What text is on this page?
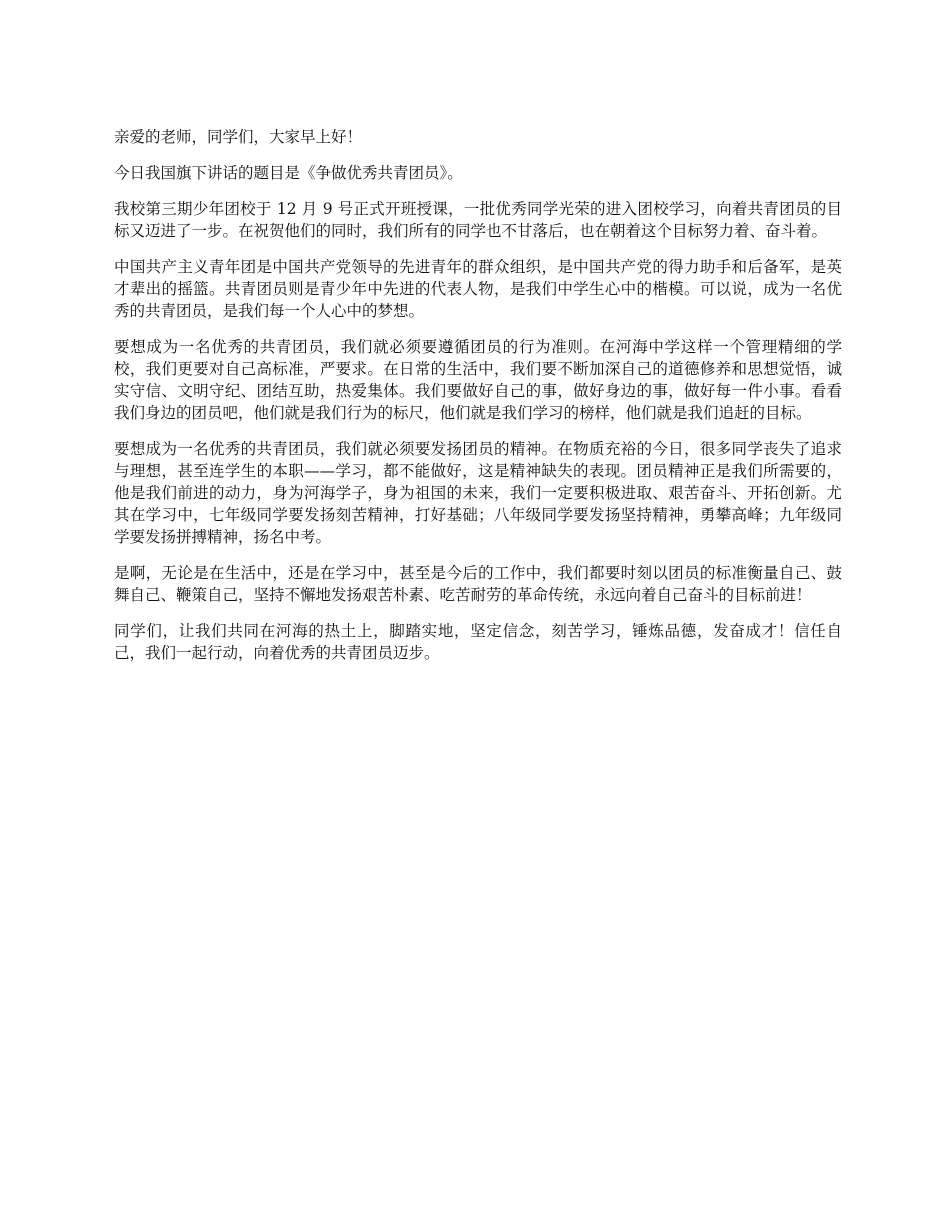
亲爱的老师，同学们，大家早上好！

今日我国旗下讲话的题目是《争做优秀共青团员》。

我校第三期少年团校于 12 月 9 号正式开班授课，一批优秀同学光荣的进入团校学习，向着共青团员的目标又迈进了一步。在祝贺他们的同时，我们所有的同学也不甘落后，也在朝着这个目标努力着、奋斗着。

中国共产主义青年团是中国共产党领导的先进青年的群众组织，是中国共产党的得力助手和后备军，是英才辈出的摇篮。共青团员则是青少年中先进的代表人物，是我们中学生心中的楷模。可以说，成为一名优秀的共青团员，是我们每一个人心中的梦想。

要想成为一名优秀的共青团员，我们就必须要遵循团员的行为准则。在河海中学这样一个管理精细的学校，我们更要对自己高标准，严要求。在日常的生活中，我们要不断加深自己的道德修养和思想觉悟，诚实守信、文明守纪、团结互助，热爱集体。我们要做好自己的事，做好身边的事，做好每一件小事。看看我们身边的团员吧，他们就是我们行为的标尺，他们就是我们学习的榜样，他们就是我们追赶的目标。

要想成为一名优秀的共青团员，我们就必须要发扬团员的精神。在物质充裕的今日，很多同学丧失了追求与理想，甚至连学生的本职——学习，都不能做好，这是精神缺失的表现。团员精神正是我们所需要的，他是我们前进的动力，身为河海学子，身为祖国的未来，我们一定要积极进取、艰苦奋斗、开拓创新。尤其在学习中，七年级同学要发扬刻苦精神，打好基础；八年级同学要发扬坚持精神，勇攀高峰；九年级同学要发扬拼搏精神，扬名中考。

是啊，无论是在生活中，还是在学习中，甚至是今后的工作中，我们都要时刻以团员的标准衡量自己、鼓舞自己、鞭策自己，坚持不懈地发扬艰苦朴素、吃苦耐劳的革命传统，永远向着自己奋斗的目标前进！

同学们，让我们共同在河海的热土上，脚踏实地，坚定信念，刻苦学习，锤炼品德，发奋成才！信任自己，我们一起行动，向着优秀的共青团员迈步。
